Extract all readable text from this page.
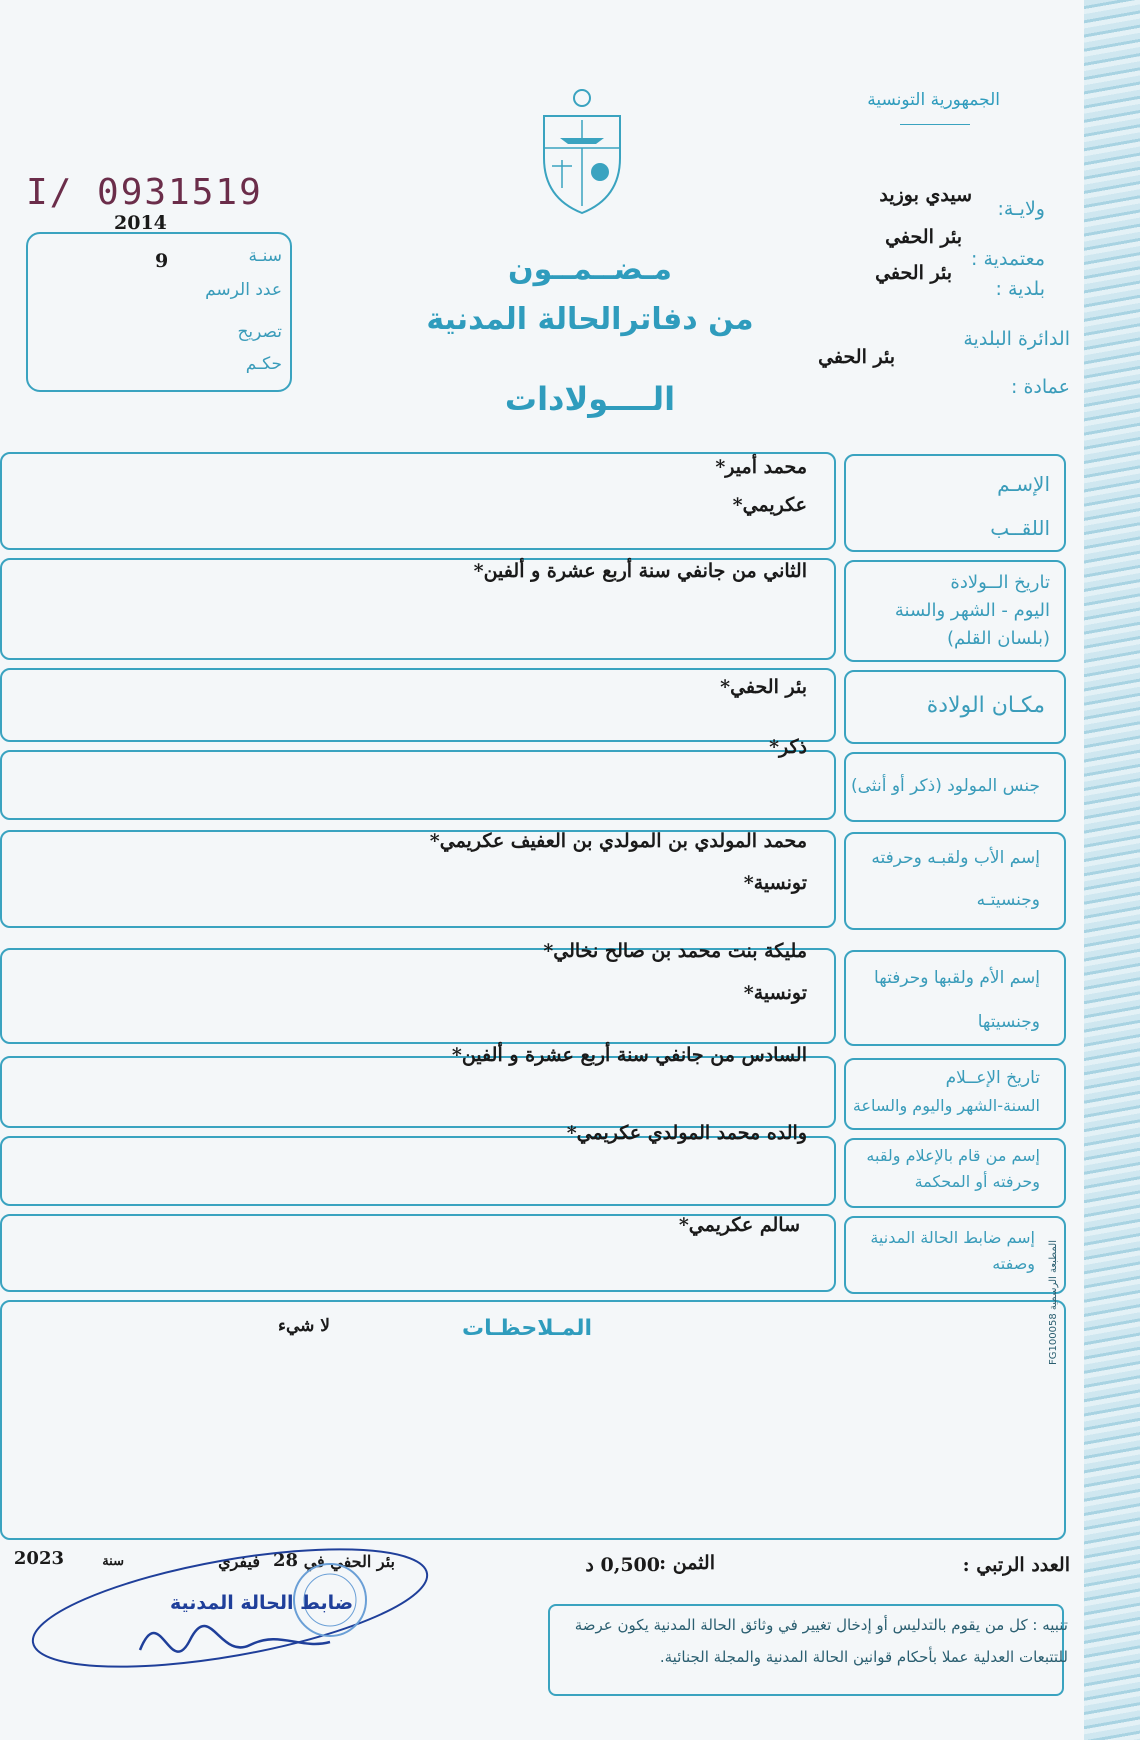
الجمهورية التونسية
ولايـة:
سيدي بوزيد
معتمدية :
بئر الحفي
بلدية :
بئر الحفي
الدائرة البلدية
بئر الحفي
عمادة :
I/ 0931519
2014
سنـة
عدد الرسم
9
تصريح
حكـم
مـضــمــون
من دفاترالحالة المدنية
الــــولادات
الإسـم
اللقــب
محمد أمير*
عكريمي*
تاريخ الــولادة
اليوم - الشهر والسنة
(بلسان القلم)
الثاني من جانفي سنة أربع عشرة و ألفين*
مكـان الولادة
بئر الحفي*
جنس المولود (ذكر أو أنثى)
ذكر*
إسم الأب ولقبـه وحرفته
وجنسيتـه
محمد المولدي بن المولدي بن العفيف عكريمي*
تونسية*
إسم الأم ولقبها وحرفتها
وجنسيتها
مليكة بنت محمد بن صالح نخالي*
تونسية*
تاريخ الإعــلام
السنة-الشهر واليوم والساعة
السادس من جانفي سنة أربع عشرة و ألفين*
إسم من قام بالإعلام ولقبه
وحرفته أو المحكمة
والده محمد المولدي عكريمي*
إسم ضابط الحالة المدنية
وصفته
سالم عكريمي*
المـلاحظـات
لا شيء
العدد الرتبي :
الثمن :
0,500 د
بئر الحفي في
28
فيفري
سنة
2023
ضابط الحالة المدنية
تنبيه : كل من يقوم بالتدليس أو إدخال تغيير في وثائق الحالة المدنية يكون عرضة
للتتبعات العدلية عملا بأحكام قوانين الحالة المدنية والمجلة الجنائية.
المطبعة الرسمية FG100058
